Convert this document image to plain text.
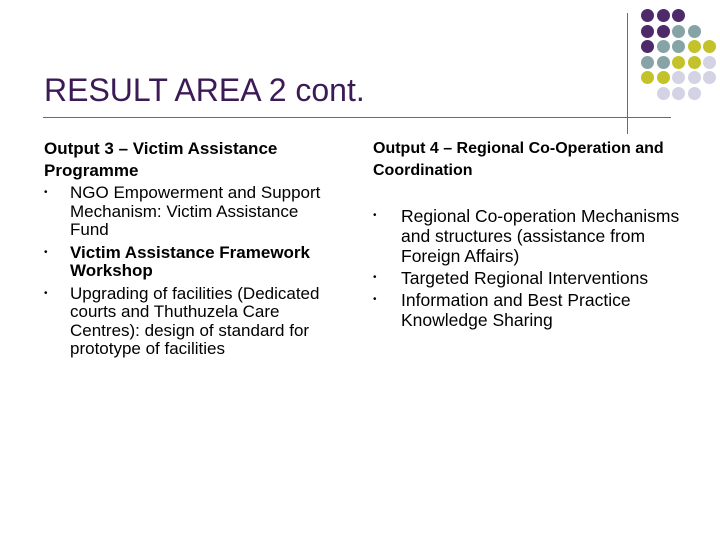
RESULT AREA 2 cont.

Output 3 – Victim Assistance Programme

• NGO Empowerment and Support Mechanism: Victim Assistance Fund
• Victim Assistance Framework Workshop
• Upgrading of facilities (Dedicated courts and Thuthuzela Care Centres): design of standard for prototype of facilities

Output 4 – Regional Co-Operation and Coordination

• Regional Co-operation Mechanisms and structures (assistance from Foreign Affairs)
• Targeted Regional Interventions
• Information and Best Practice Knowledge Sharing
